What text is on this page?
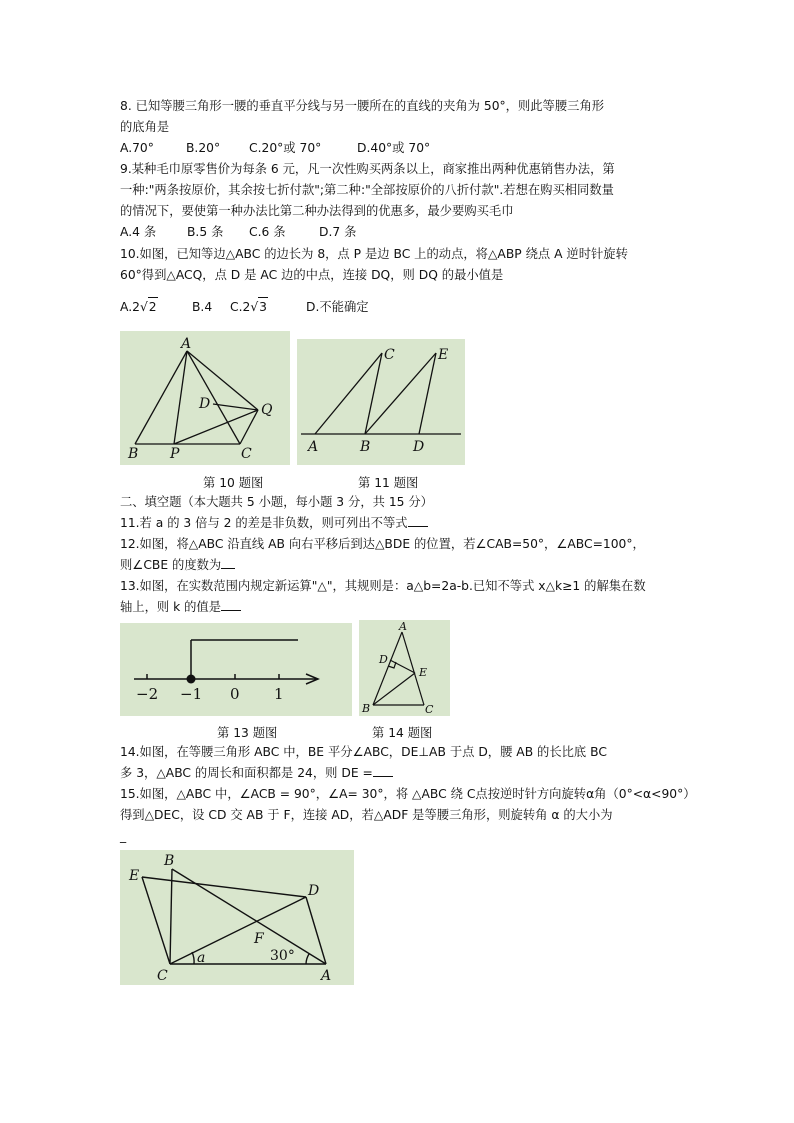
8. 已知等腰三角形一腰的垂直平分线与另一腰所在的直线的夹角为 50°，则此等腰三角形
的底角是
A.70°	B.20° C.20°或 70°	D.40°或 70°
9.某种毛巾原零售价为每条 6 元，凡一次性购买两条以上，商家推出两种优惠销售办法，第
一种:"两条按原价，其余按七折付款";第二种:"全部按原价的八折付款".若想在购买相同数量
的情况下，要使第一种办法比第二种办法得到的优惠多，最少要购买毛巾
A.4 条	B.5 条 C.6 条	D.7 条
10.如图，已知等边△ABC 的边长为 8，点 P 是边 BC 上的动点，将△ABP 绕点 A 逆时针旋转
60°得到△ACQ，点 D 是 AC 边的中点，连接 DQ，则 DQ 的最小值是
A.2√2	B.4 C.2√3	D.不能确定
A
B P	C
D	Q
第 10 题图
A	B	D
C	E
第 11 题图
二、填空题（本大题共 5 小题，每小题 3 分，共 15 分）
11.若 a 的 3 倍与 2 的差是非负数，则可列出不等式
12.如图，将△ABC 沿直线 AB 向右平移后到达△BDE 的位置，若∠CAB=50°，∠ABC=100°，
则∠CBE 的度数为
13.如图，在实数范围内规定新运算"△"，其规则是：a△b=2a-b.已知不等式 x△k≥1 的解集在数
轴上，则 k 的值是
−2 −1 0 1
第 13 题图
A
D
E
B	C
第 14 题图
14.如图，在等腰三角形 ABC 中，BE 平分∠ABC，DE⊥AB 于点 D，腰 AB 的长比底 BC
多 3，△ABC 的周长和面积都是 24，则 DE =
15.如图，△ABC 中，∠ACB = 90°，∠A= 30°，将 △ABC 绕 C点按逆时针方向旋转α角（0°<α<90°）
得到△DEC，设 CD 交 AB 于 F，连接 AD，若△ADF 是等腰三角形，则旋转角 α 的大小为
_
E
B
D
F
C	A
a	30°
